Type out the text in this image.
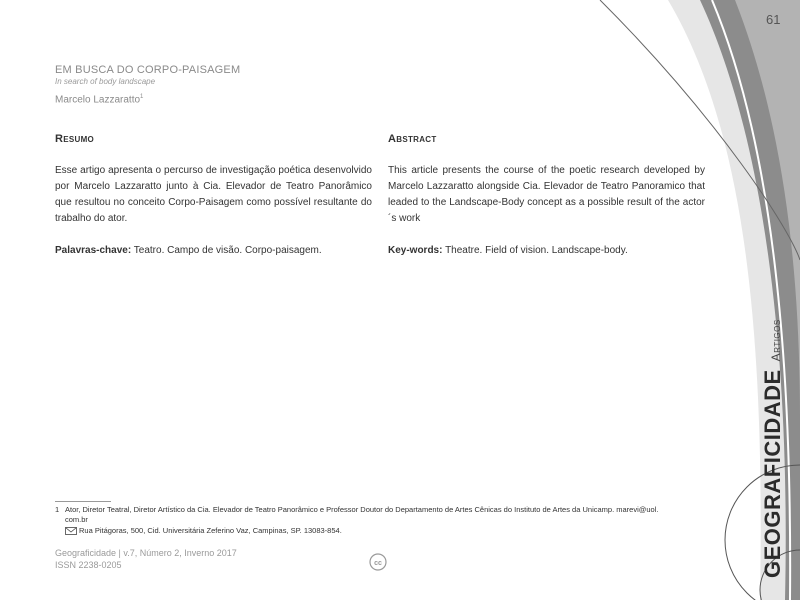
61
EM BUSCA DO CORPO-PAISAGEM
In search of body landscape
Marcelo Lazzaratto$^1$
Resumo

Esse artigo apresenta o percurso de investigação poética desenvolvido por Marcelo Lazzaratto junto à Cia. Elevador de Teatro Panorâmico que resultou no conceito Corpo-Paisagem como possível resultante do trabalho do ator.

Palavras-chave: Teatro. Campo de visão. Corpo-paisagem.

Abstract

This article presents the course of the poetic research developed by Marcelo Lazzaratto alongside Cia. Elevador de Teatro Panoramico that leaded to the Landscape-Body concept as a possible result of the actor´s work

Key-words: Theatre. Field of vision. Landscape-body.

1 Ator, Diretor Teatral, Diretor Artístico da Cia. Elevador de Teatro Panorâmico e Professor Doutor do Departamento de Artes Cênicas do Instituto de Artes da Unicamp. marevi@uol.
com.br
Rua Pitágoras, 500, Cid. Universitária Zeferino Vaz, Campinas, SP. 13083-854.
Geograficidade | v.7, Número 2, Inverno 2017
ISSN 2238-0205	cc	GEOGRAFICIDADE
Artigos
